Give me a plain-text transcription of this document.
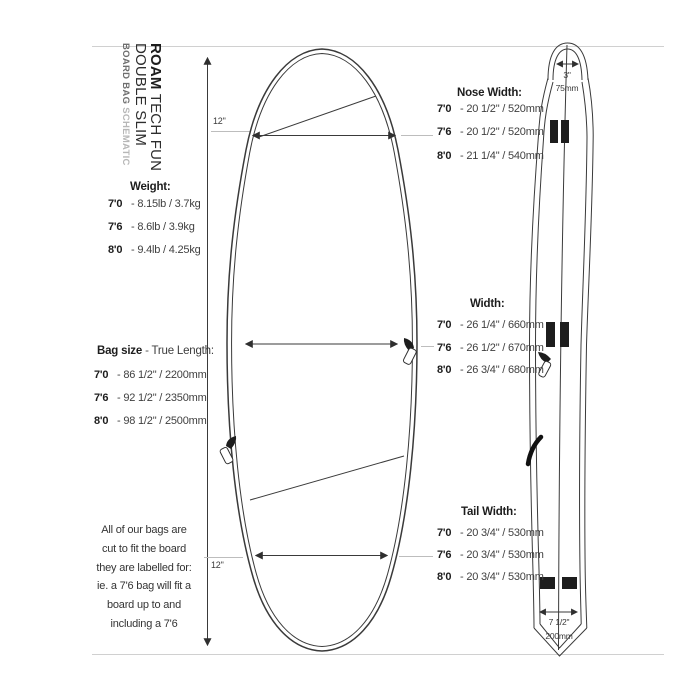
ROAM TECH FUN
DOUBLE SLIM
BOARD BAG SCHEMATIC
Weight:
7'0 - 8.15lb / 3.7kg
7'6 - 8.6lb / 3.9kg
8'0 - 9.4lb / 4.25kg
Bag size - True Length:
7'0 - 86 1/2" / 2200mm
7'6 - 92 1/2" / 2350mm
8'0 - 98 1/2" / 2500mm
All of our bags are
cut to fit the board
they are labelled for:
ie. a 7'6 bag will fit a
board up to and
including a 7'6
Nose Width:
7'0 - 20 1/2" / 520mm
7'6 - 20 1/2" / 520mm
8'0 - 21 1/4" / 540mm
Width:
7'0 - 26 1/4" / 660mm
7'6 - 26 1/2" / 670mm
8'0 - 26 3/4" / 680mm
Tail Width:
7'0 - 20 3/4" / 530mm
7'6 - 20 3/4" / 530mm
8'0 - 20 3/4" / 530mm
12"
12"
3"
75mm
7 1/2"
200mm
